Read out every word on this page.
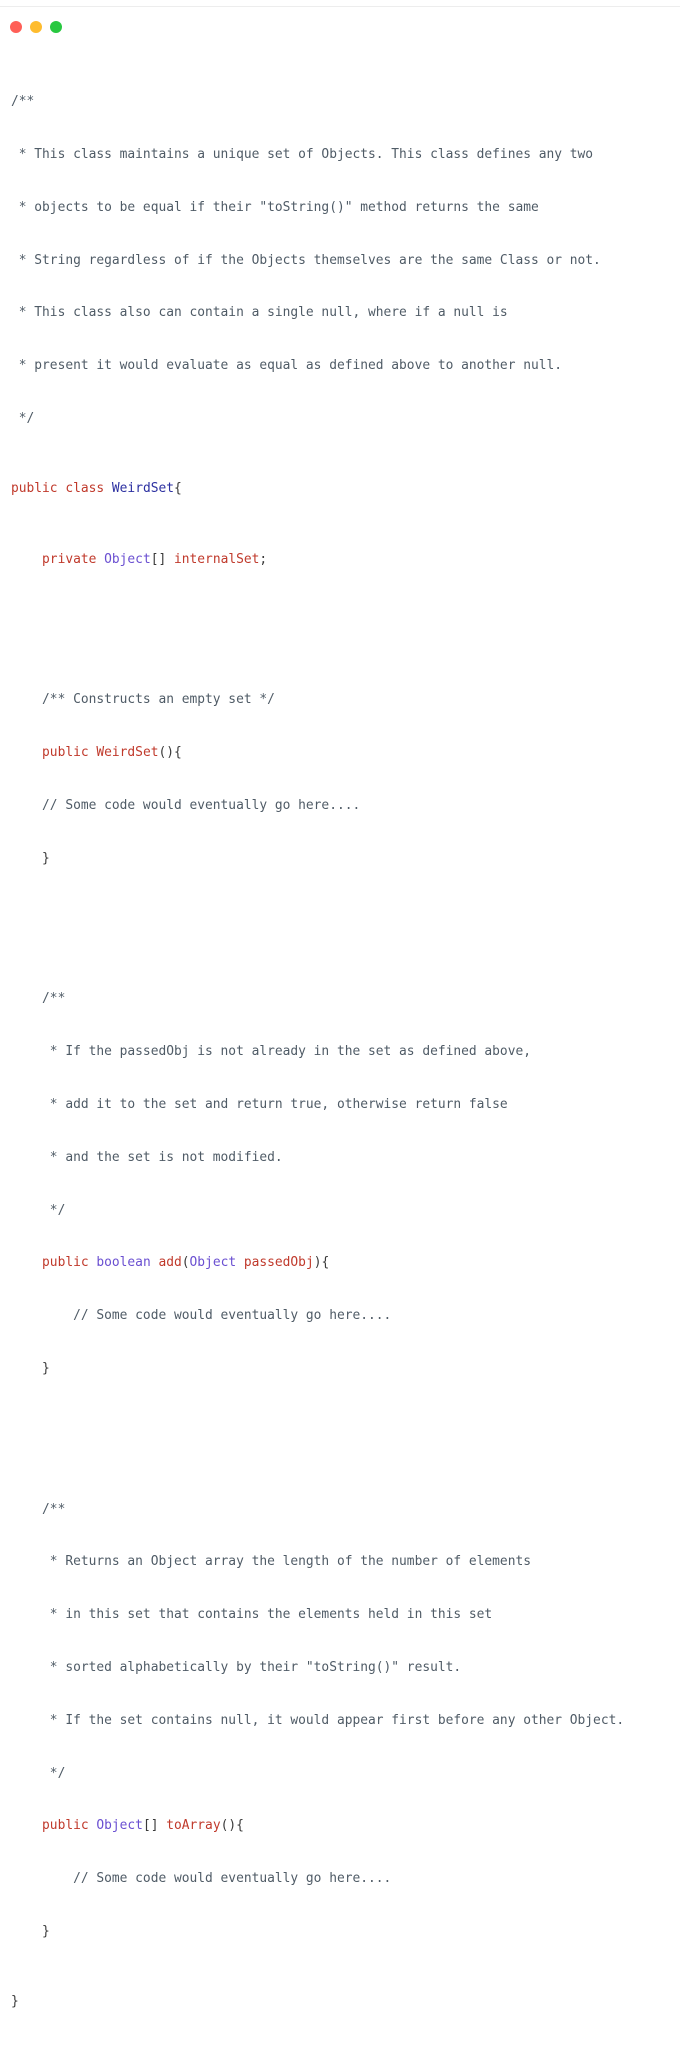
/**

* This class maintains a unique set of Objects. This class defines any two

* objects to be equal if their "toString()" method returns the same

* String regardless of if the Objects themselves are the same Class or not.

* This class also can contain a single null, where if a null is

* present it would evaluate as equal as defined above to another null.

*/

public class WeirdSet{

private Object[] internalSet;

/** Constructs an empty set */

public WeirdSet(){

// Some code would eventually go here....

}

/**

* If the passedObj is not already in the set as defined above,

* add it to the set and return true, otherwise return false

* and the set is not modified.

*/

public boolean add(Object passedObj){

// Some code would eventually go here....

}

/**

* Returns an Object array the length of the number of elements

* in this set that contains the elements held in this set

* sorted alphabetically by their "toString()" result.

* If the set contains null, it would appear first before any other Object.

*/

public Object[] toArray(){

// Some code would eventually go here....

}

}
